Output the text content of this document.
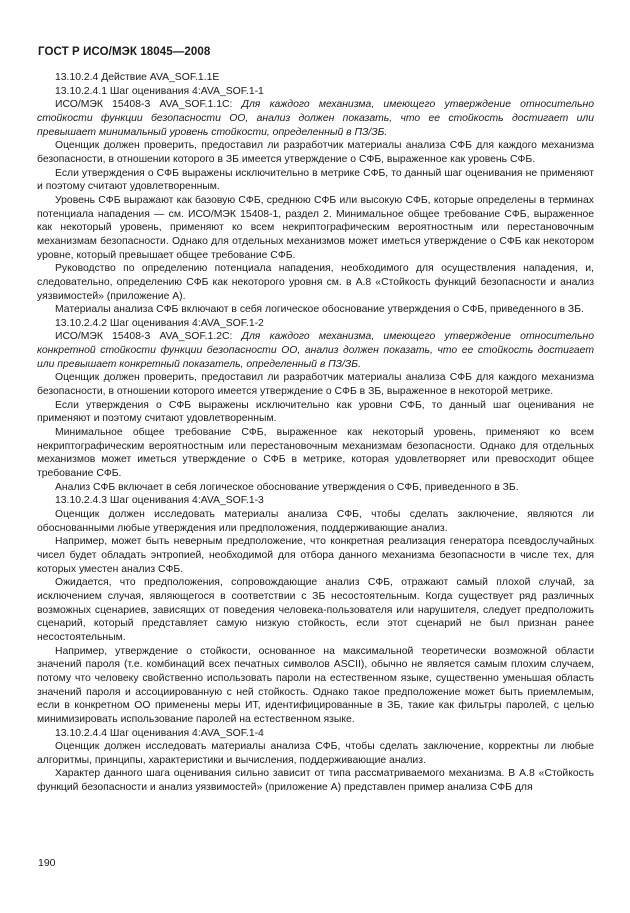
ГОСТ Р ИСО/МЭК 18045—2008

13.10.2.4 Действие AVA_SOF.1.1E

13.10.2.4.1 Шаг оценивания 4:AVA_SOF.1-1

ИСО/МЭК 15408-3 AVA_SOF.1.1C: Для каждого механизма, имеющего утверждение относительно стойкости функции безопасности ОО, анализ должен показать, что ее стойкость достигает или превышает минимальный уровень стойкости, определенный в ПЗ/ЗБ.

Оценщик должен проверить, предоставил ли разработчик материалы анализа СФБ для каждого механизма безопасности, в отношении которого в ЗБ имеется утверждение о СФБ, выраженное как уровень СФБ.

Если утверждения о СФБ выражены исключительно в метрике СФБ, то данный шаг оценивания не применяют и поэтому считают удовлетворенным.

Уровень СФБ выражают как базовую СФБ, среднюю СФБ или высокую СФБ, которые определены в терминах потенциала нападения — см. ИСО/МЭК 15408-1, раздел 2. Минимальное общее требование СФБ, выраженное как некоторый уровень, применяют ко всем некриптографическим вероятностным или перестановочным механизмам безопасности. Однако для отдельных механизмов может иметься утверждение о СФБ как некотором уровне, который превышает общее требование СФБ.

Руководство по определению потенциала нападения, необходимого для осуществления нападения, и, следовательно, определению СФБ как некоторого уровня см. в А.8 «Стойкость функций безопасности и анализ уязвимостей» (приложение А).

Материалы анализа СФБ включают в себя логическое обоснование утверждения о СФБ, приведенного в ЗБ.

13.10.2.4.2 Шаг оценивания 4:AVA_SOF.1-2

ИСО/МЭК 15408-3 AVA_SOF.1.2C: Для каждого механизма, имеющего утверждение относительно конкретной стойкости функции безопасности ОО, анализ должен показать, что ее стойкость достигает или превышает конкретный показатель, определенный в ПЗ/ЗБ.

Оценщик должен проверить, предоставил ли разработчик материалы анализа СФБ для каждого механизма безопасности, в отношении которого имеется утверждение о СФБ в ЗБ, выраженное в некоторой метрике.

Если утверждения о СФБ выражены исключительно как уровни СФБ, то данный шаг оценивания не применяют и поэтому считают удовлетворенным.

Минимальное общее требование СФБ, выраженное как некоторый уровень, применяют ко всем некриптографическим вероятностным или перестановочным механизмам безопасности. Однако для отдельных механизмов может иметься утверждение о СФБ в метрике, которая удовлетворяет или превосходит общее требование СФБ.

Анализ СФБ включает в себя логическое обоснование утверждения о СФБ, приведенного в ЗБ.

13.10.2.4.3 Шаг оценивания 4:AVA_SOF.1-3

Оценщик должен исследовать материалы анализа СФБ, чтобы сделать заключение, являются ли обоснованными любые утверждения или предположения, поддерживающие анализ.

Например, может быть неверным предположение, что конкретная реализация генератора псевдослучайных чисел будет обладать энтропией, необходимой для отбора данного механизма безопасности в числе тех, для которых уместен анализ СФБ.

Ожидается, что предположения, сопровождающие анализ СФБ, отражают самый плохой случай, за исключением случая, являющегося в соответствии с ЗБ несостоятельным. Когда существует ряд различных возможных сценариев, зависящих от поведения человека-пользователя или нарушителя, следует предположить сценарий, который представляет самую низкую стойкость, если этот сценарий не был признан ранее несостоятельным.

Например, утверждение о стойкости, основанное на максимальной теоретически возможной области значений пароля (т.е. комбинаций всех печатных символов ASCII), обычно не является самым плохим случаем, потому что человеку свойственно использовать пароли на естественном языке, существенно уменьшая область значений пароля и ассоциированную с ней стойкость. Однако такое предположение может быть приемлемым, если в конкретном ОО применены меры ИТ, идентифицированные в ЗБ, такие как фильтры паролей, с целью минимизировать использование паролей на естественном языке.

13.10.2.4.4 Шаг оценивания 4:AVA_SOF.1-4

Оценщик должен исследовать материалы анализа СФБ, чтобы сделать заключение, корректны ли любые алгоритмы, принципы, характеристики и вычисления, поддерживающие анализ.

Характер данного шага оценивания сильно зависит от типа рассматриваемого механизма. В А.8 «Стойкость функций безопасности и анализ уязвимостей» (приложение А) представлен пример анализа СФБ для

190
